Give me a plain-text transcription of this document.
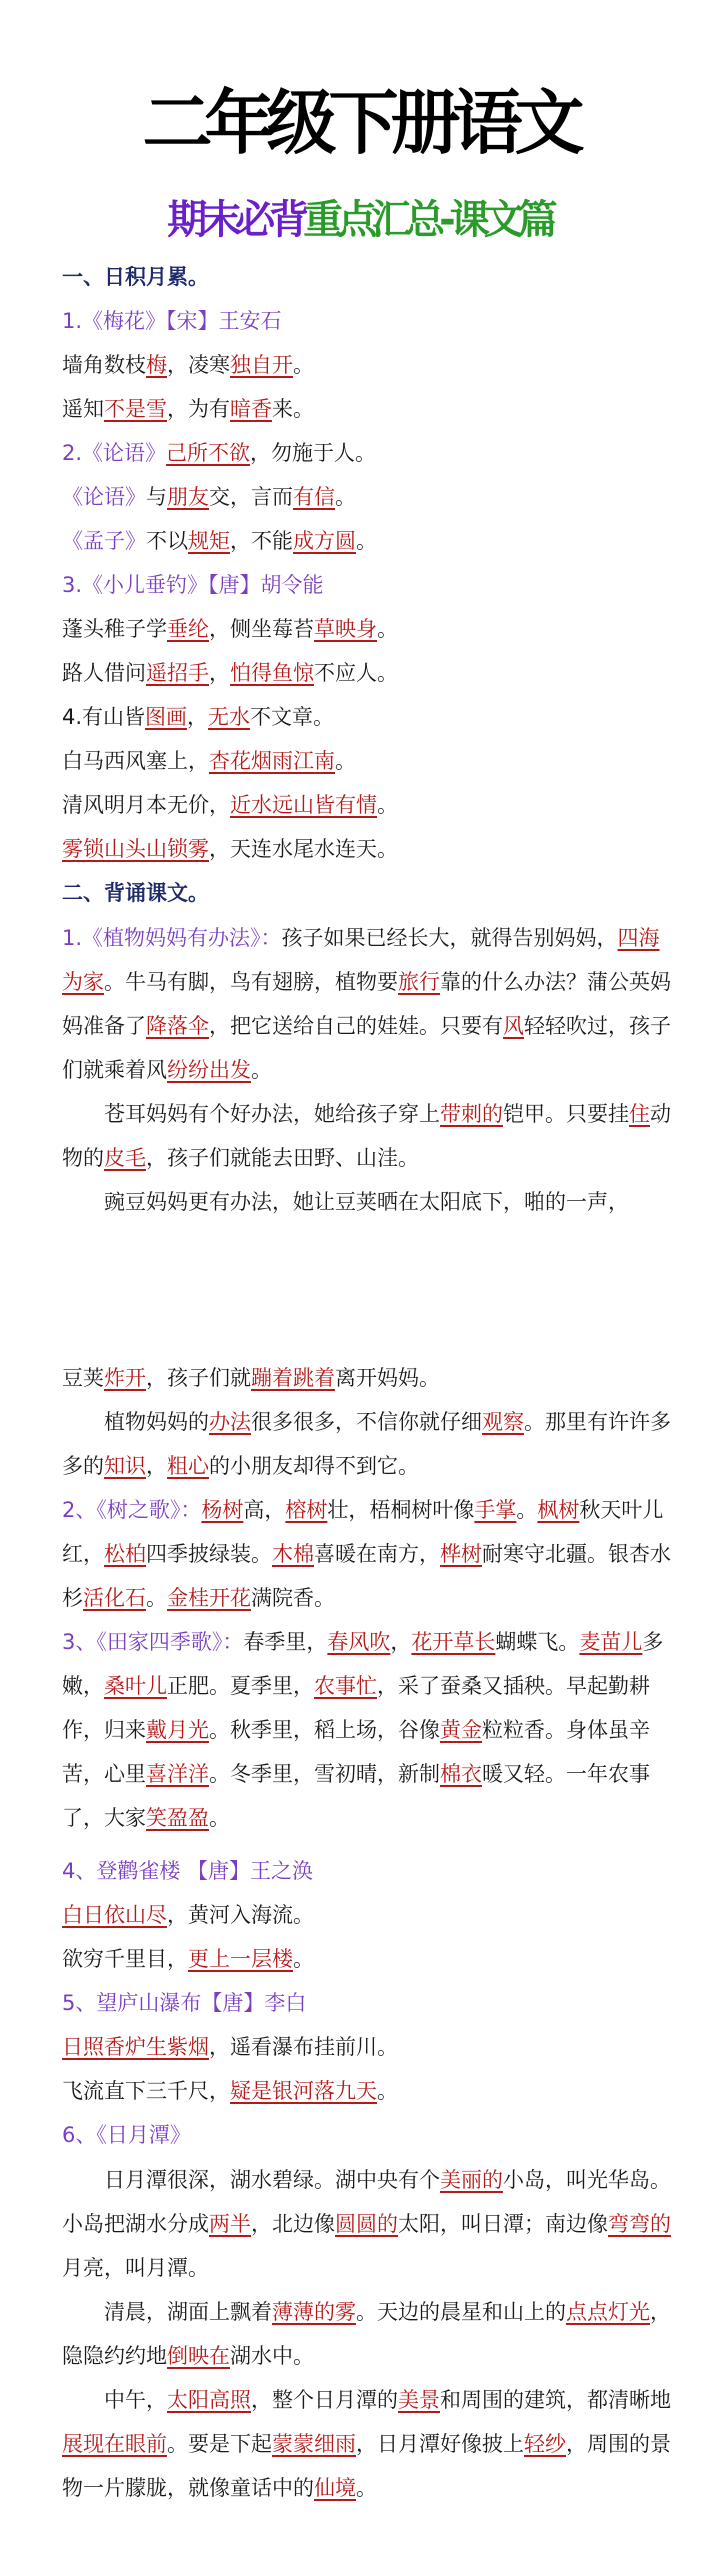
二年级下册语文
期末必背重点汇总-课文篇
一、日积月累。
1.《梅花》【宋】王安石
墙角数枝梅，凌寒独自开。
遥知不是雪，为有暗香来。
2.《论语》己所不欲，勿施于人。
《论语》与朋友交，言而有信。
《孟子》不以规矩，不能成方圆。
3.《小儿垂钓》【唐】胡令能
蓬头稚子学垂纶，侧坐莓苔草映身。
路人借问遥招手，怕得鱼惊不应人。
4.有山皆图画，无水不文章。
白马西风塞上，杏花烟雨江南。
清风明月本无价，近水远山皆有情。
雾锁山头山锁雾，天连水尾水连天。
二、背诵课文。
1.《植物妈妈有办法》：孩子如果已经长大，就得告别妈妈，四海为家。牛马有脚，鸟有翅膀，植物要旅行靠的什么办法？蒲公英妈妈准备了降落伞，把它送给自己的娃娃。只要有风轻轻吹过，孩子们就乘着风纷纷出发。
苍耳妈妈有个好办法，她给孩子穿上带刺的铠甲。只要挂住动物的皮毛，孩子们就能去田野、山洼。
豌豆妈妈更有办法，她让豆荚晒在太阳底下，啪的一声，
豆荚炸开，孩子们就蹦着跳着离开妈妈。
植物妈妈的办法很多很多，不信你就仔细观察。那里有许许多多的知识，粗心的小朋友却得不到它。
2、《树之歌》：杨树高，榕树壮，梧桐树叶像手掌。枫树秋天叶儿红，松柏四季披绿装。木棉喜暖在南方，桦树耐寒守北疆。银杏水杉活化石。金桂开花满院香。
3、《田家四季歌》：春季里，春风吹，花开草长蝴蝶飞。麦苗儿多嫩，桑叶儿正肥。夏季里，农事忙，采了蚕桑又插秧。早起勤耕作，归来戴月光。秋季里，稻上场，谷像黄金粒粒香。身体虽辛苦，心里喜洋洋。冬季里，雪初晴，新制棉衣暖又轻。一年农事了，大家笑盈盈。
4、登鹳雀楼 【唐】王之涣
白日依山尽，黄河入海流。
欲穷千里目，更上一层楼。
5、望庐山瀑布【唐】李白
日照香炉生紫烟，遥看瀑布挂前川。
飞流直下三千尺，疑是银河落九天。
6、《日月潭》
日月潭很深，湖水碧绿。湖中央有个美丽的小岛，叫光华岛。小岛把湖水分成两半，北边像圆圆的太阳，叫日潭；南边像弯弯的月亮，叫月潭。
清晨，湖面上飘着薄薄的雾。天边的晨星和山上的点点灯光，隐隐约约地倒映在湖水中。
中午，太阳高照，整个日月潭的美景和周围的建筑，都清晰地展现在眼前。要是下起蒙蒙细雨，日月潭好像披上轻纱，周围的景物一片朦胧，就像童话中的仙境。
